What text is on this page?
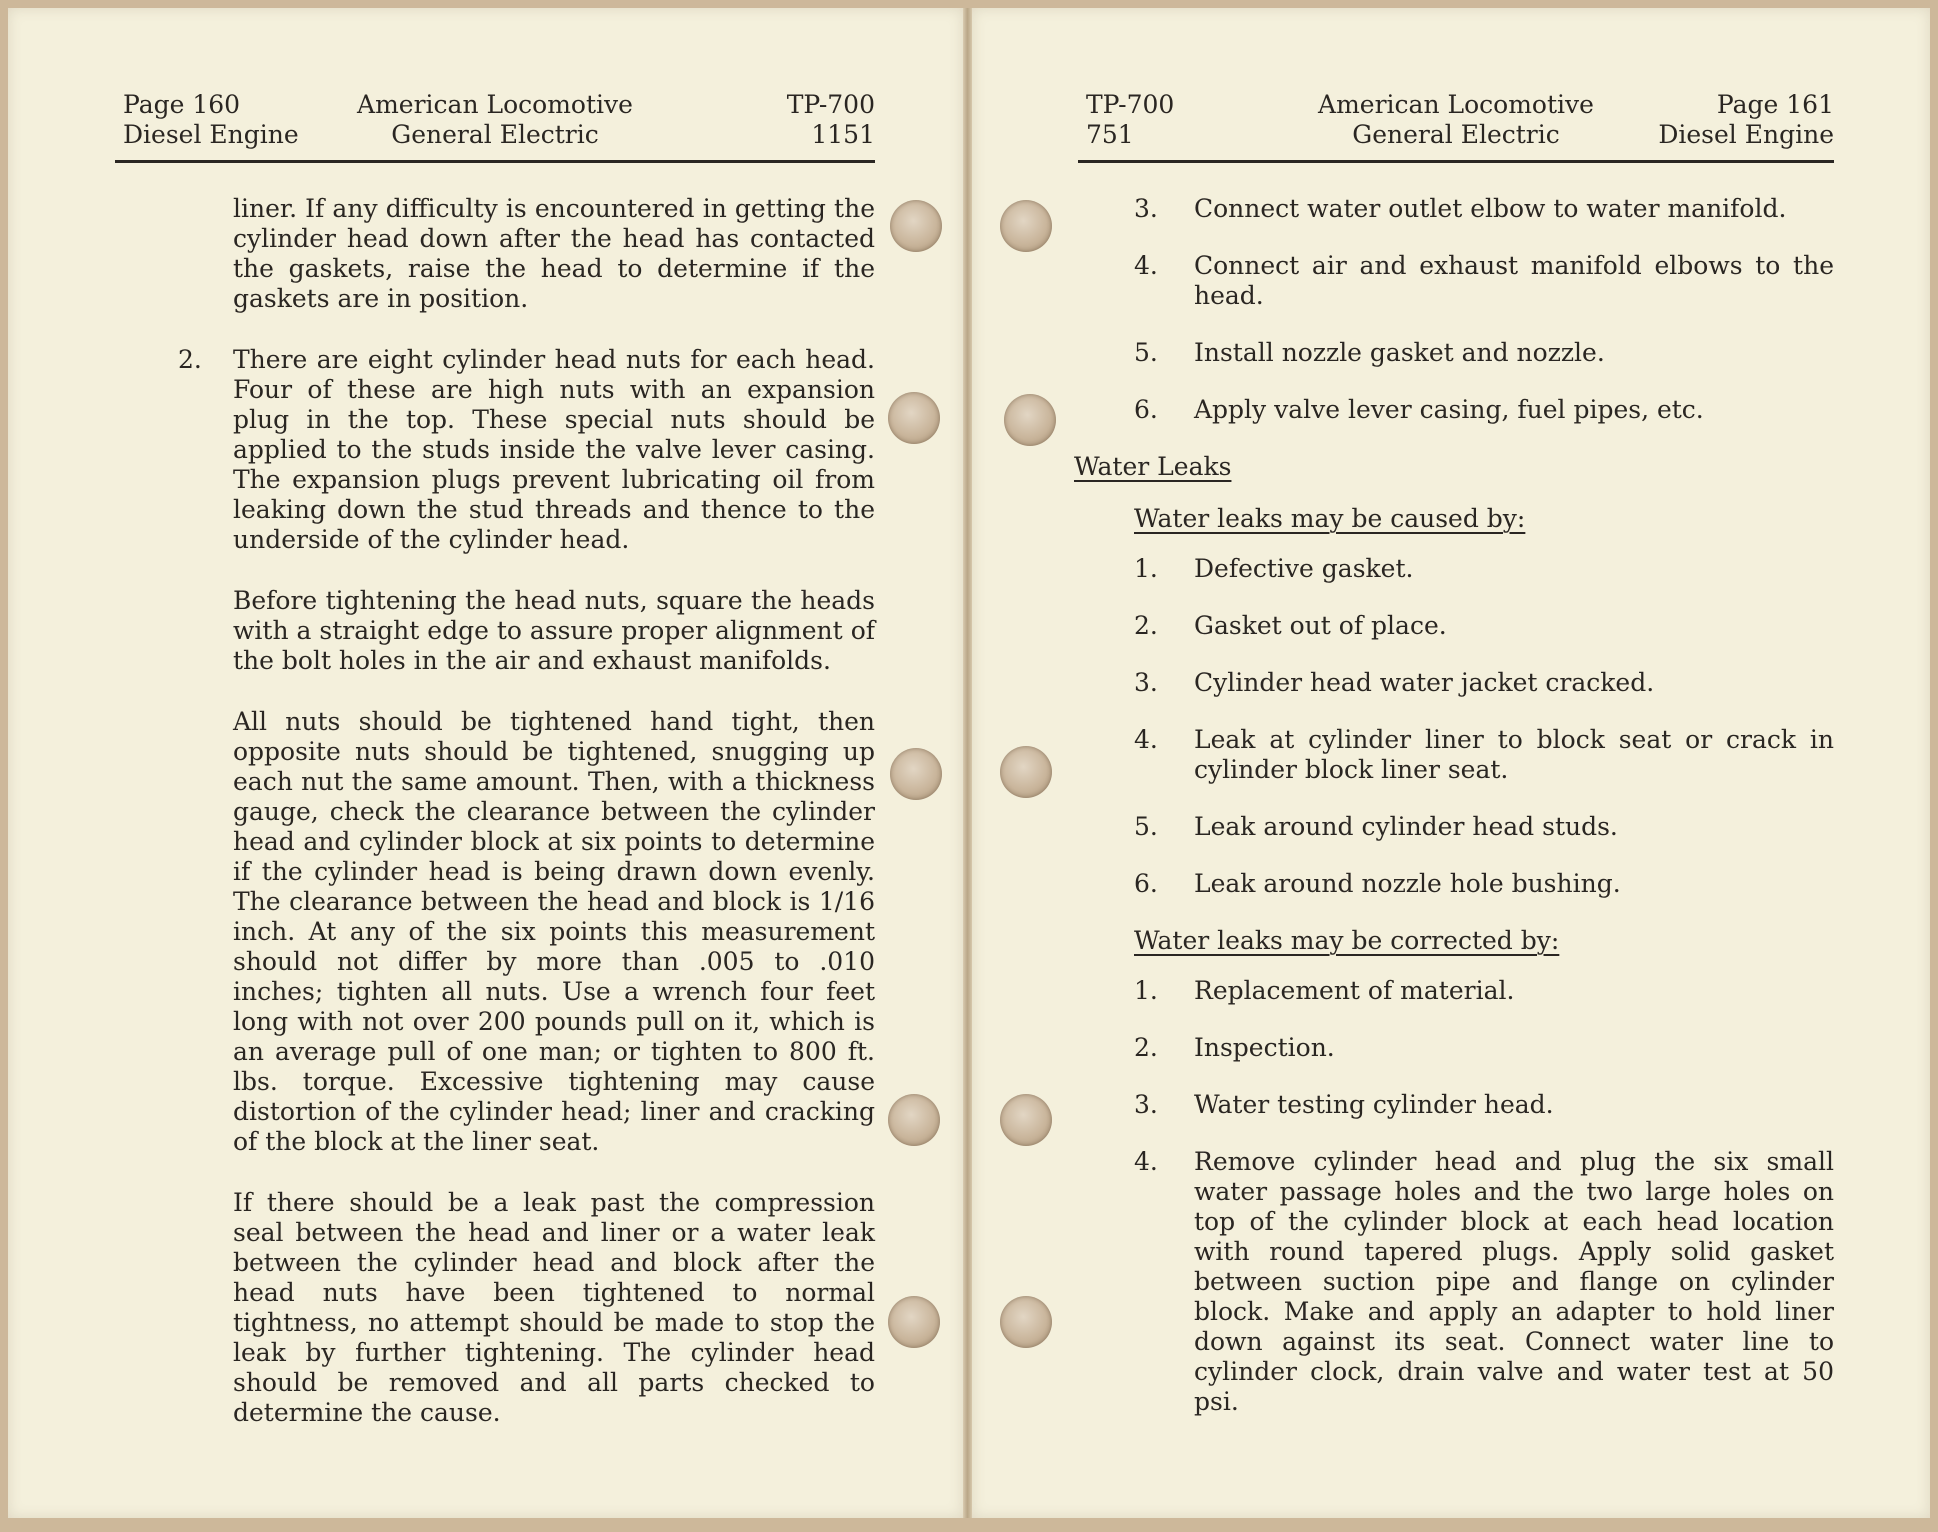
Page 160
Diesel Engine
American Locomotive
General Electric
TP-700
1151

liner. If any difficulty is encountered in getting the cylinder head down after the head has contacted the gaskets, raise the head to determine if the gaskets are in position.

2. There are eight cylinder head nuts for each head. Four of these are high nuts with an expansion plug in the top. These special nuts should be applied to the studs inside the valve lever casing. The expansion plugs prevent lubricating oil from leaking down the stud threads and thence to the underside of the cylinder head.

Before tightening the head nuts, square the heads with a straight edge to assure proper alignment of the bolt holes in the air and exhaust manifolds.

All nuts should be tightened hand tight, then opposite nuts should be tightened, snugging up each nut the same amount. Then, with a thickness gauge, check the clearance between the cylinder head and cylinder block at six points to determine if the cylinder head is being drawn down evenly. The clearance between the head and block is 1/16 inch. At any of the six points this measurement should not differ by more than .005 to .010 inches; tighten all nuts. Use a wrench four feet long with not over 200 pounds pull on it, which is an average pull of one man; or tighten to 800 ft. lbs. torque. Excessive tightening may cause distortion of the cylinder head; liner and cracking of the block at the liner seat.

If there should be a leak past the compression seal between the head and liner or a water leak between the cylinder head and block after the head nuts have been tightened to normal tightness, no attempt should be made to stop the leak by further tightening. The cylinder head should be removed and all parts checked to determine the cause.

TP-700
751
American Locomotive
General Electric
Page 161
Diesel Engine
3. Connect water outlet elbow to water manifold.

4. Connect air and exhaust manifold elbows to the head.

5. Install nozzle gasket and nozzle.

6. Apply valve lever casing, fuel pipes, etc.

Water Leaks
Water leaks may be caused by:
1. Defective gasket.

2. Gasket out of place.

3. Cylinder head water jacket cracked.

4. Leak at cylinder liner to block seat or crack in cylinder block liner seat.

5. Leak around cylinder head studs.

6. Leak around nozzle hole bushing.

Water leaks may be corrected by:
1. Replacement of material.

2. Inspection.

3. Water testing cylinder head.

4. Remove cylinder head and plug the six small water passage holes and the two large holes on top of the cylinder block at each head location with round tapered plugs. Apply solid gasket between suction pipe and flange on cylinder block. Make and apply an adapter to hold liner down against its seat. Connect water line to cylinder clock, drain valve and water test at 50 psi.
